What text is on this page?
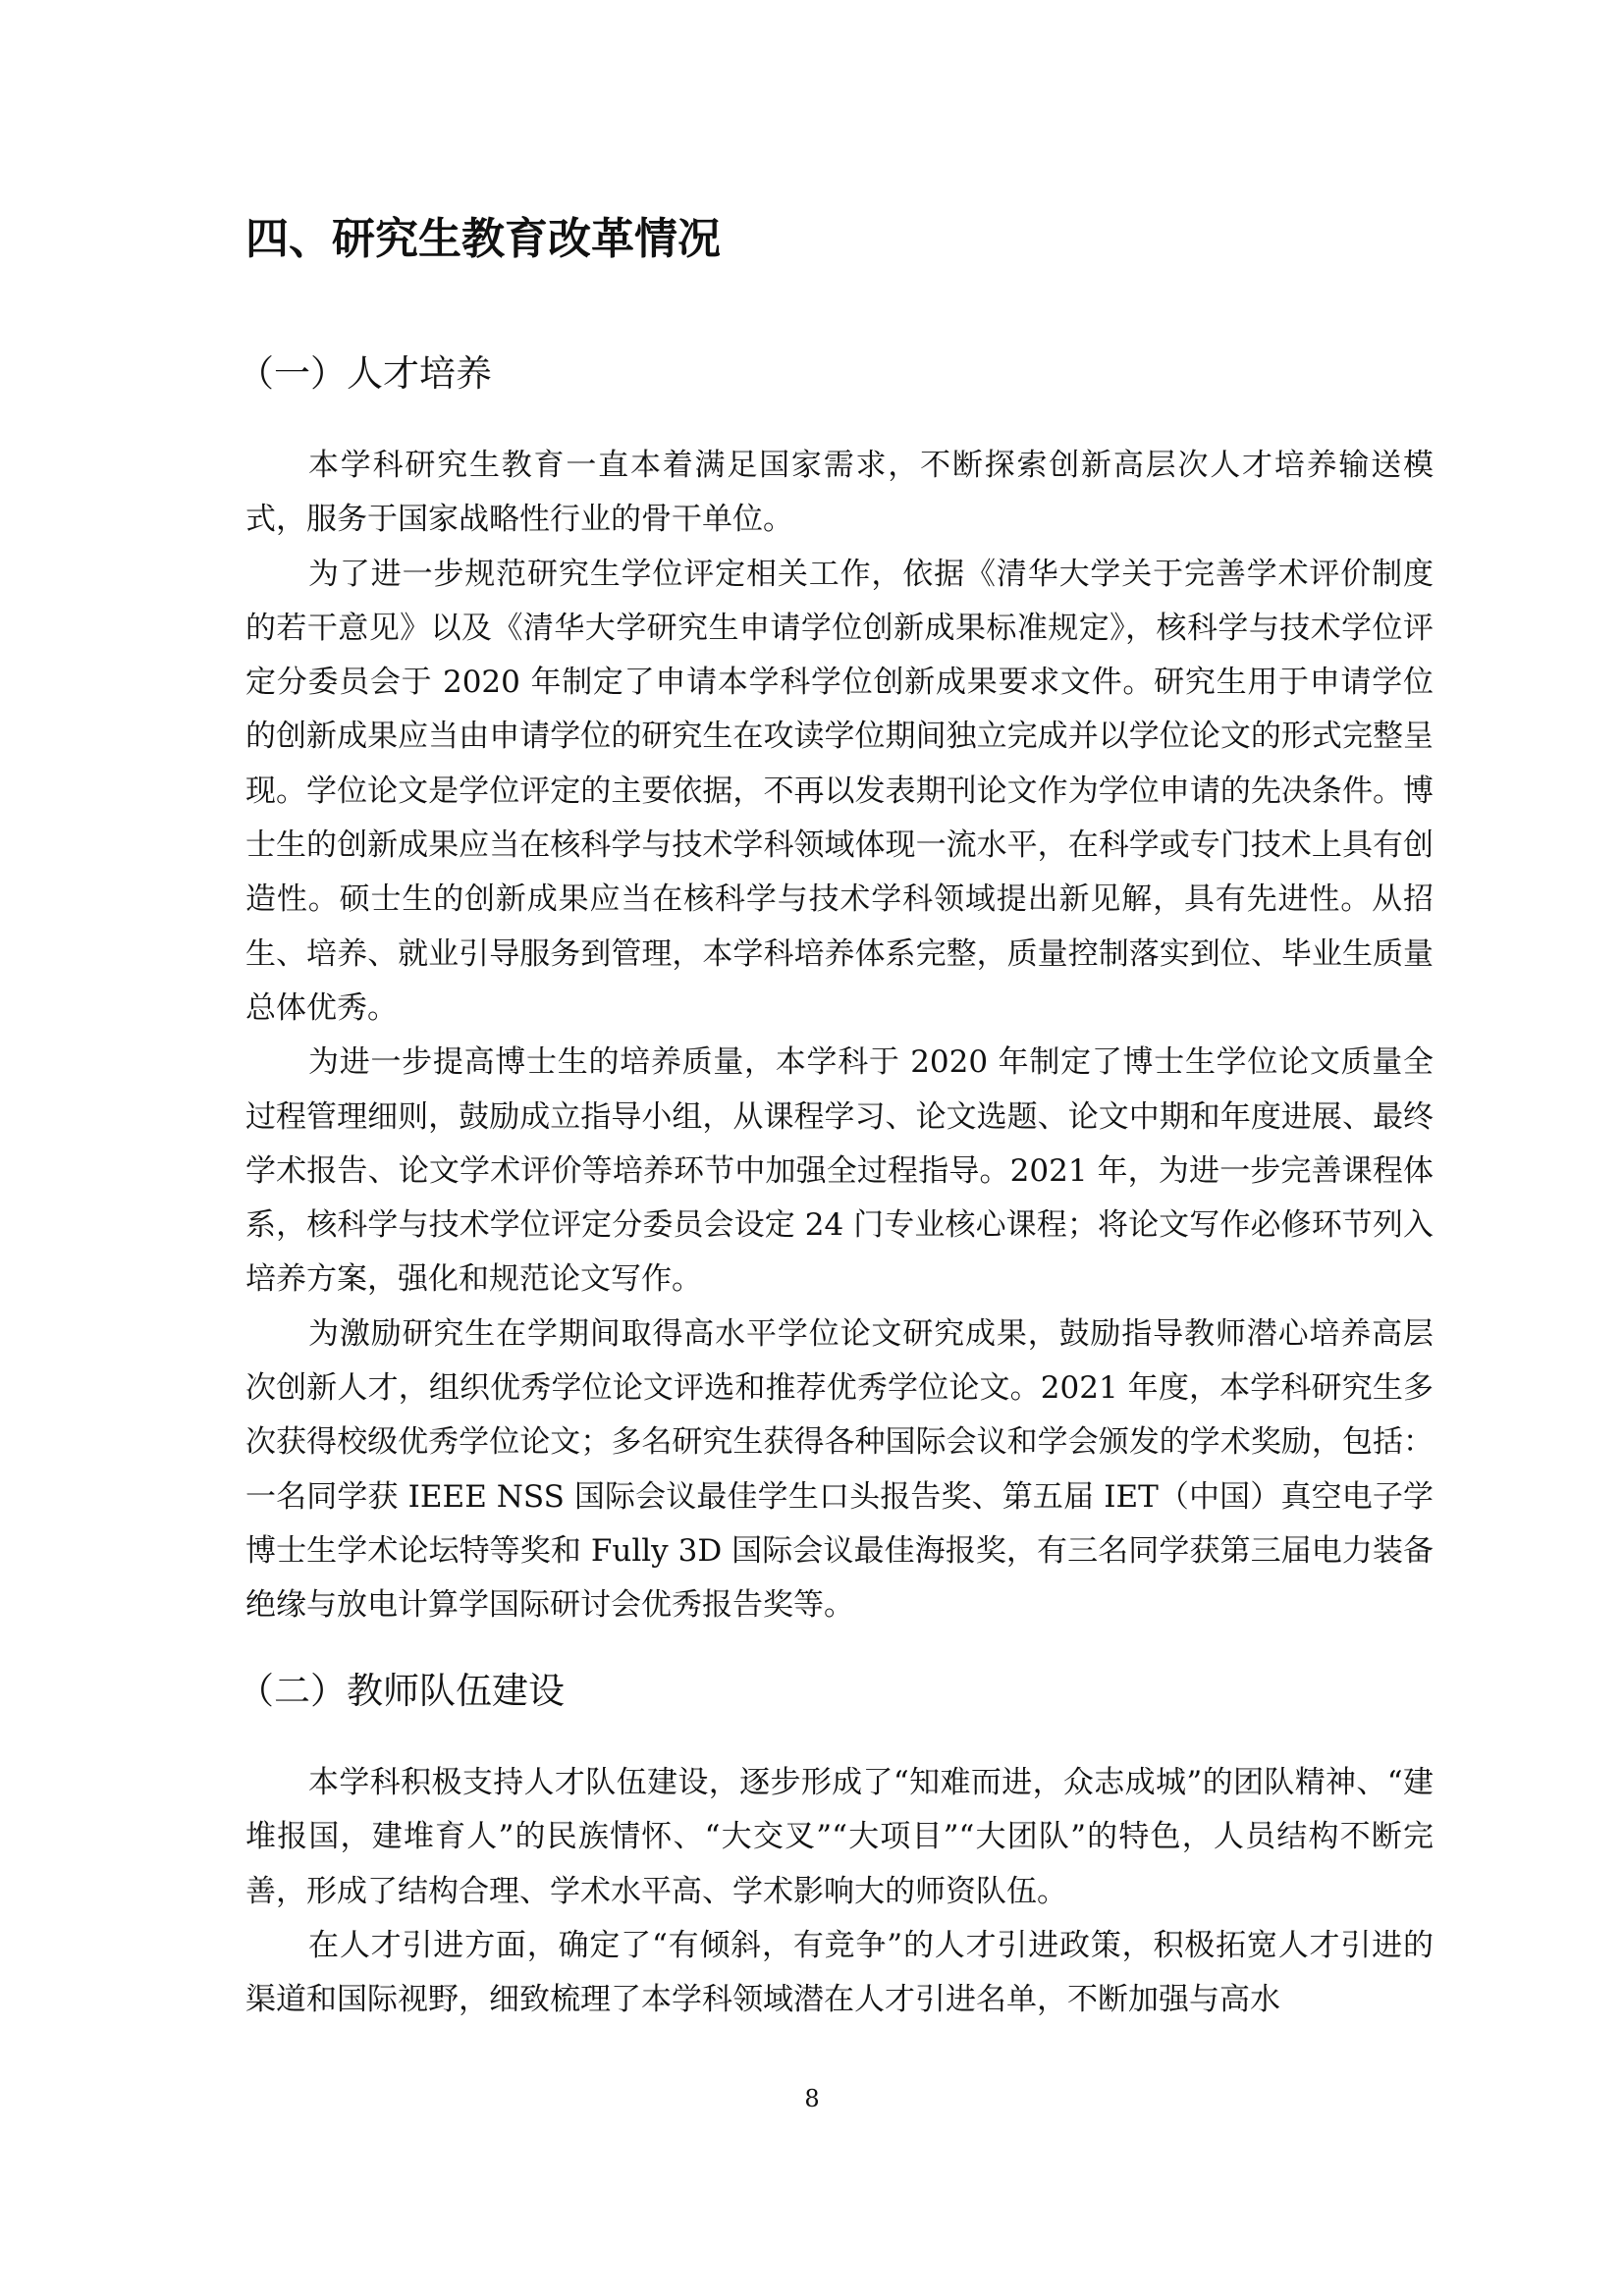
四、研究生教育改革情况
（一）人才培养

本学科研究生教育一直本着满足国家需求，不断探索创新高层次人才培养输送模式，服务于国家战略性行业的骨干单位。

为了进一步规范研究生学位评定相关工作，依据《清华大学关于完善学术评价制度的若干意见》以及《清华大学研究生申请学位创新成果标准规定》，核科学与技术学位评定分委员会于 2020 年制定了申请本学科学位创新成果要求文件。研究生用于申请学位的创新成果应当由申请学位的研究生在攻读学位期间独立完成并以学位论文的形式完整呈现。学位论文是学位评定的主要依据，不再以发表期刊论文作为学位申请的先决条件。博士生的创新成果应当在核科学与技术学科领域体现一流水平，在科学或专门技术上具有创造性。硕士生的创新成果应当在核科学与技术学科领域提出新见解，具有先进性。从招生、培养、就业引导服务到管理，本学科培养体系完整，质量控制落实到位、毕业生质量总体优秀。

为进一步提高博士生的培养质量，本学科于 2020 年制定了博士生学位论文质量全过程管理细则，鼓励成立指导小组，从课程学习、论文选题、论文中期和年度进展、最终学术报告、论文学术评价等培养环节中加强全过程指导。2021 年，为进一步完善课程体系，核科学与技术学位评定分委员会设定 24 门专业核心课程；将论文写作必修环节列入培养方案，强化和规范论文写作。

为激励研究生在学期间取得高水平学位论文研究成果，鼓励指导教师潜心培养高层次创新人才，组织优秀学位论文评选和推荐优秀学位论文。2021 年度，本学科研究生多次获得校级优秀学位论文；多名研究生获得各种国际会议和学会颁发的学术奖励，包括：一名同学获 IEEE NSS 国际会议最佳学生口头报告奖、第五届 IET（中国）真空电子学博士生学术论坛特等奖和 Fully 3D 国际会议最佳海报奖，有三名同学获第三届电力装备绝缘与放电计算学国际研讨会优秀报告奖等。

（二）教师队伍建设

本学科积极支持人才队伍建设，逐步形成了“知难而进，众志成城”的团队精神、“建堆报国，建堆育人”的民族情怀、“大交叉”“大项目”“大团队”的特色，人员结构不断完善，形成了结构合理、学术水平高、学术影响大的师资队伍。

在人才引进方面，确定了“有倾斜，有竞争”的人才引进政策，积极拓宽人才引进的渠道和国际视野，细致梳理了本学科领域潜在人才引进名单，不断加强与高水

8
